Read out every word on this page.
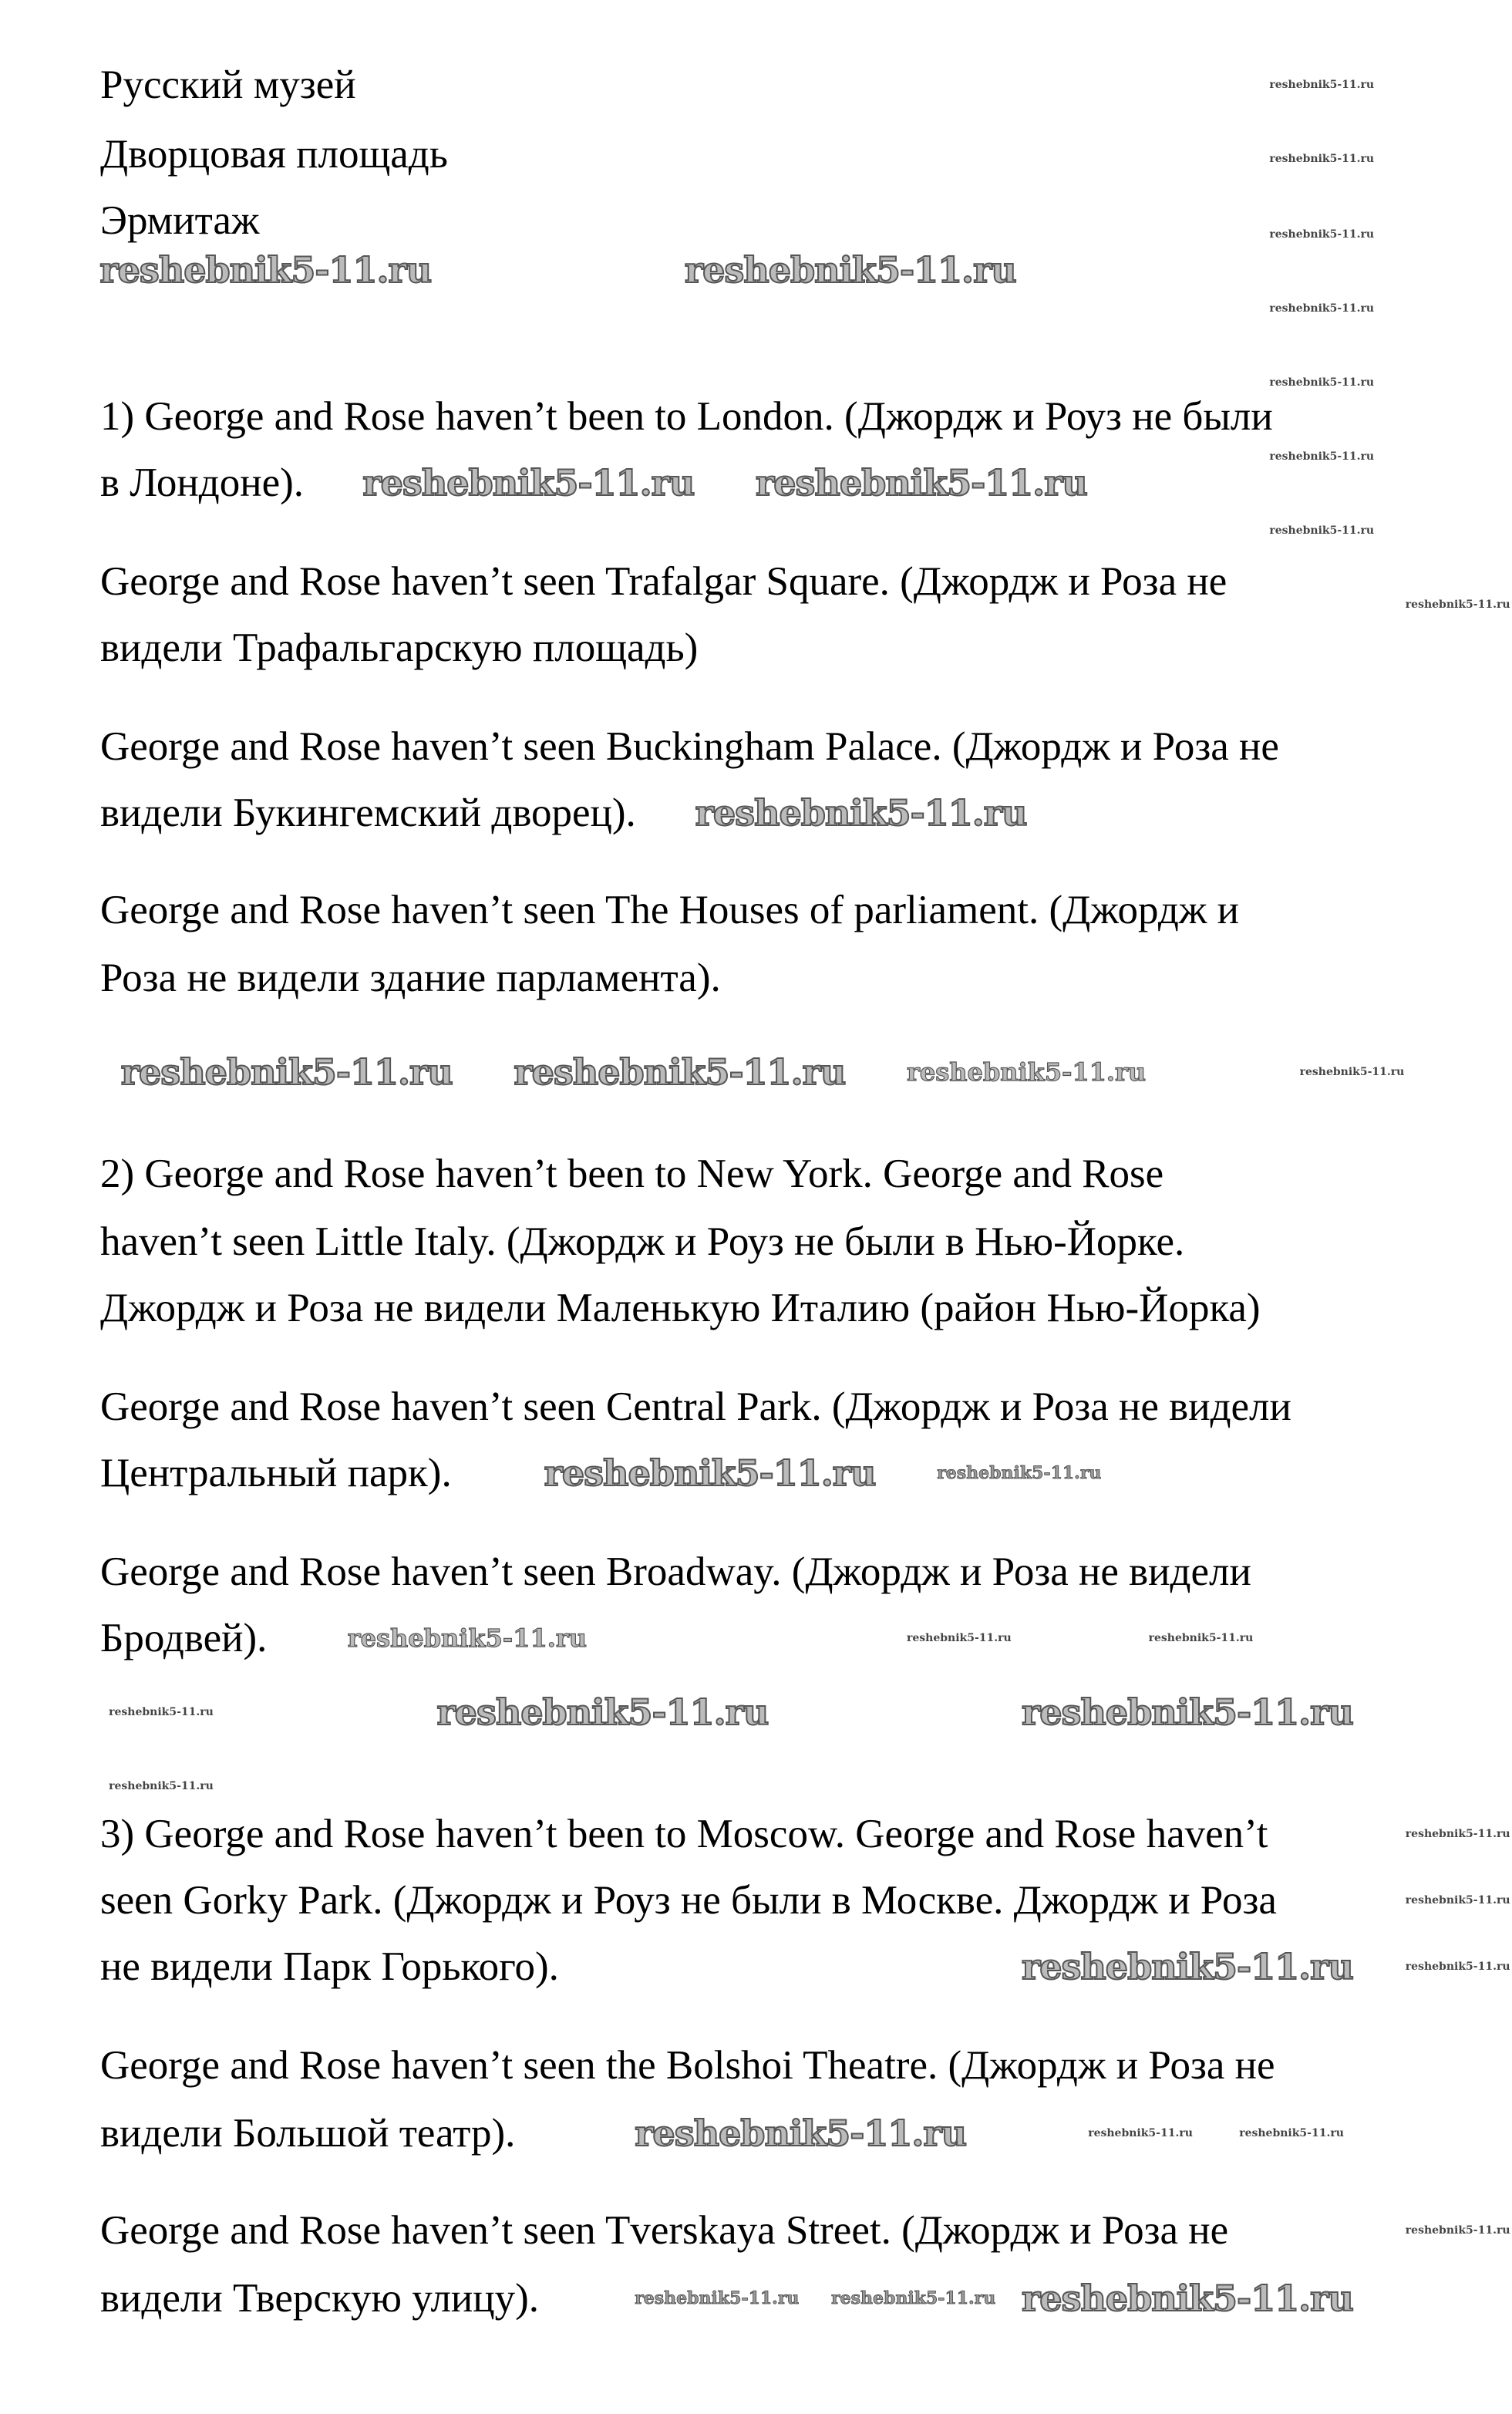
Русский музей
Дворцовая площадь
Эрмитаж
1) George and Rose haven’t been to London. (Джордж и Роуз не были
в Лондоне).
George and Rose haven’t seen Trafalgar Square. (Джордж и Роза не
видели Трафальгарскую площадь)
George and Rose haven’t seen Buckingham Palace. (Джордж и Роза не
видели Букингемский дворец).
George and Rose haven’t seen The Houses of parliament. (Джордж и
Роза не видели здание парламента).
2) George and Rose haven’t been to New York. George and Rose
haven’t seen Little Italy. (Джордж и Роуз не были в Нью-Йорке.
Джордж и Роза не видели Маленькую Италию (район Нью-Йорка)
George and Rose haven’t seen Central Park. (Джордж и Роза не видели
Центральный парк).
George and Rose haven’t seen Broadway. (Джордж и Роза не видели
Бродвей).
3) George and Rose haven’t been to Moscow. George and Rose haven’t
seen Gorky Park. (Джордж и Роуз не были в Москве. Джордж и Роза
не видели Парк Горького).
George and Rose haven’t seen the Bolshoi Theatre. (Джордж и Роза не
видели Большой театр).
George and Rose haven’t seen Tverskaya Street. (Джордж и Роза не
видели Тверскую улицу).
reshebnik5-11.ru	reshebnik5-11.ru
reshebnik5-11.ru reshebnik5-11.ru
reshebnik5-11.ru
reshebnik5-11.ru reshebnik5-11.ru reshebnik5-11.ru	reshebnik5-11.ru
reshebnik5-11.ru	reshebnik5-11.ru
reshebnik5-11.ru	reshebnik5-11.ru	reshebnik5-11.ru
reshebnik5-11.ru	reshebnik5-11.ru
reshebnik5-11.ru
reshebnik5-11.ru
reshebnik5-11.ru
reshebnik5-11.ru
reshebnik5-11.ru
reshebnik5-11.ru
reshebnik5-11.ru	reshebnik5-11.ru	reshebnik5-11.ru
reshebnik5-11.ru reshebnik5-11.ru reshebnik5-11.ru
reshebnik5-11.ru
reshebnik5-11.ru
reshebnik5-11.ru
reshebnik5-11.ru
reshebnik5-11.ru
reshebnik5-11.ru
reshebnik5-11.ru
reshebnik5-11.ru
reshebnik5-11.ru
